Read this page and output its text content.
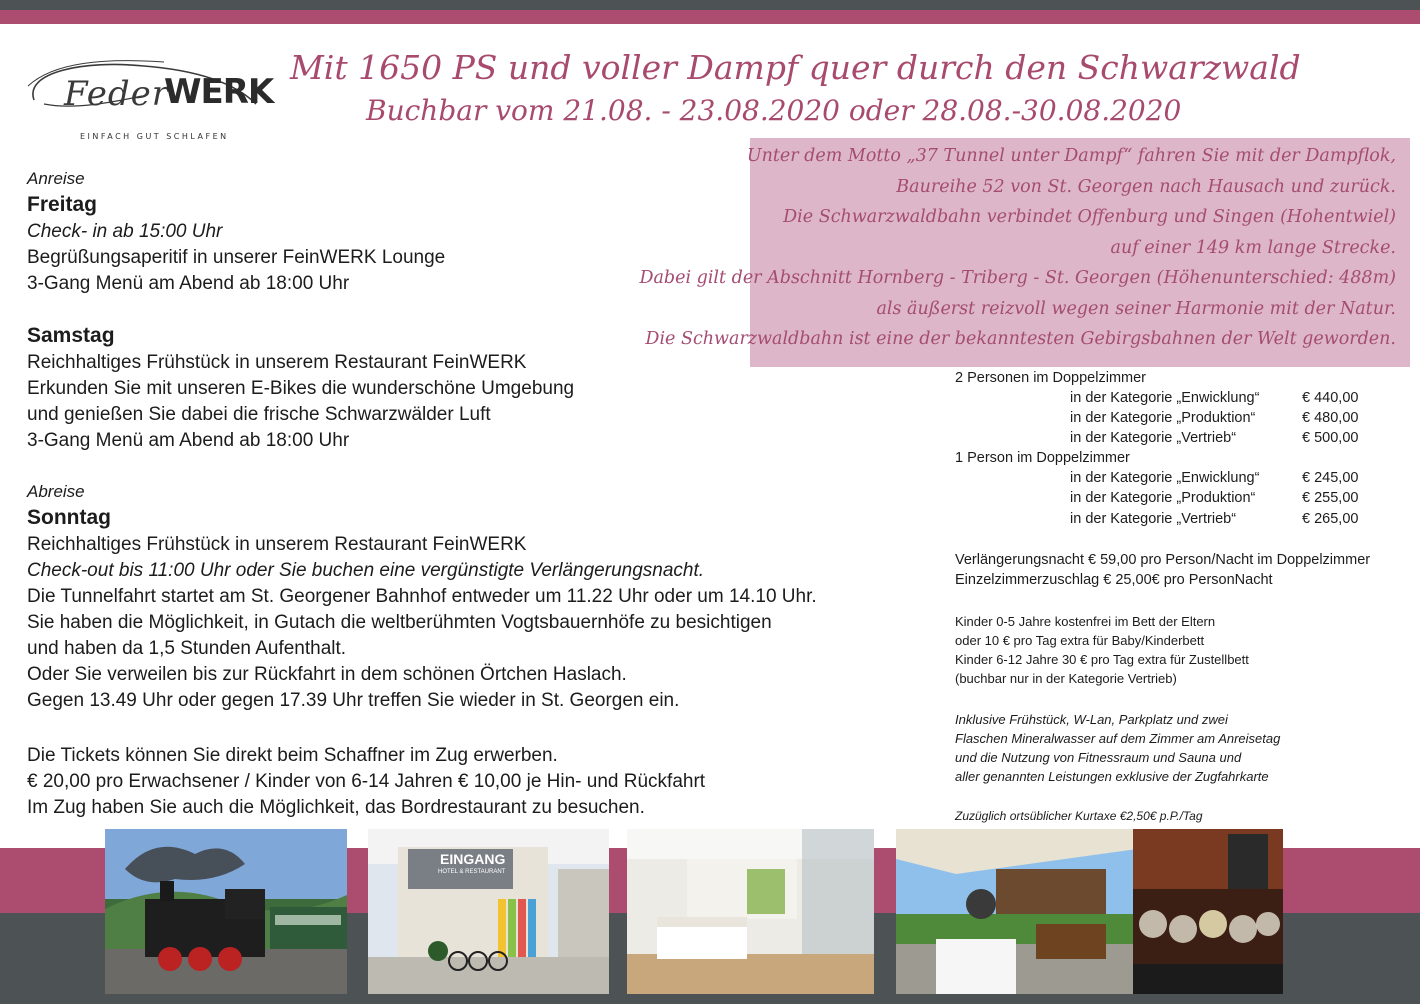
Feder
WERK
EINFACH GUT SCHLAFEN
Mit 1650 PS und voller Dampf quer durch den Schwarzwald
Buchbar vom 21.08. - 23.08.2020 oder 28.08.-30.08.2020
Unter dem Motto „37 Tunnel unter Dampf“ fahren Sie mit der Dampflok,
Baureihe 52 von St. Georgen nach Hausach und zurück.
Die Schwarzwaldbahn verbindet Offenburg und Singen (Hohentwiel)
auf einer 149 km lange Strecke.
Dabei gilt der Abschnitt Hornberg - Triberg - St. Georgen (Höhenunterschied: 488m)
als äußerst reizvoll wegen seiner Harmonie mit der Natur.
Die Schwarzwaldbahn ist eine der bekanntesten Gebirgsbahnen der Welt geworden.
Anreise
Freitag
Check- in ab 15:00 Uhr
Begrüßungsaperitif in unserer FeinWERK Lounge
3-Gang Menü am Abend ab 18:00 Uhr
Samstag
Reichhaltiges Frühstück in unserem Restaurant FeinWERK
Erkunden Sie mit unseren E-Bikes die wunderschöne Umgebung
und genießen Sie dabei die frische Schwarzwälder Luft
3-Gang Menü am Abend ab 18:00 Uhr
Abreise
Sonntag
Reichhaltiges Frühstück in unserem Restaurant FeinWERK
Check-out bis 11:00 Uhr oder Sie buchen eine vergünstigte Verlängerungsnacht.
Die Tunnelfahrt startet am St. Georgener Bahnhof entweder um 11.22 Uhr oder um 14.10 Uhr.
Sie haben die Möglichkeit, in Gutach die weltberühmten Vogtsbauernhöfe zu besichtigen
und haben da 1,5 Stunden Aufenthalt.
Oder Sie verweilen bis zur Rückfahrt in dem schönen Örtchen Haslach.
Gegen 13.49 Uhr oder gegen 17.39 Uhr treffen Sie wieder in St. Georgen ein.
Die Tickets können Sie direkt beim Schaffner im Zug erwerben.
€ 20,00 pro Erwachsener / Kinder von 6-14 Jahren € 10,00 je Hin- und Rückfahrt
Im Zug haben Sie auch die Möglichkeit, das Bordrestaurant zu besuchen.
2 Personen im Doppelzimmer
in der Kategorie „Enwicklung“	€ 440,00
in der Kategorie „Produktion“	€ 480,00
in der Kategorie „Vertrieb“	€ 500,00
1 Person im Doppelzimmer
in der Kategorie „Enwicklung“	€ 245,00
in der Kategorie „Produktion“	€ 255,00
in der Kategorie „Vertrieb“	€ 265,00
Verlängerungsnacht € 59,00 pro Person/Nacht im Doppelzimmer
Einzelzimmerzuschlag € 25,00€ pro PersonNacht
Kinder 0-5 Jahre kostenfrei im Bett der Eltern
oder 10 € pro Tag extra für Baby/Kinderbett
Kinder 6-12 Jahre 30 € pro Tag extra für Zustellbett
(buchbar nur in der Kategorie Vertrieb)
Inklusive Frühstück, W-Lan, Parkplatz und zwei
Flaschen Mineralwasser auf dem Zimmer am Anreisetag
und die Nutzung von Fitnessraum und Sauna und
aller genannten Leistungen exklusive der Zugfahrkarte
Zuzüglich ortsüblicher Kurtaxe €2,50€ p.P./Tag
EINGANG
HOTEL & RESTAURANT
